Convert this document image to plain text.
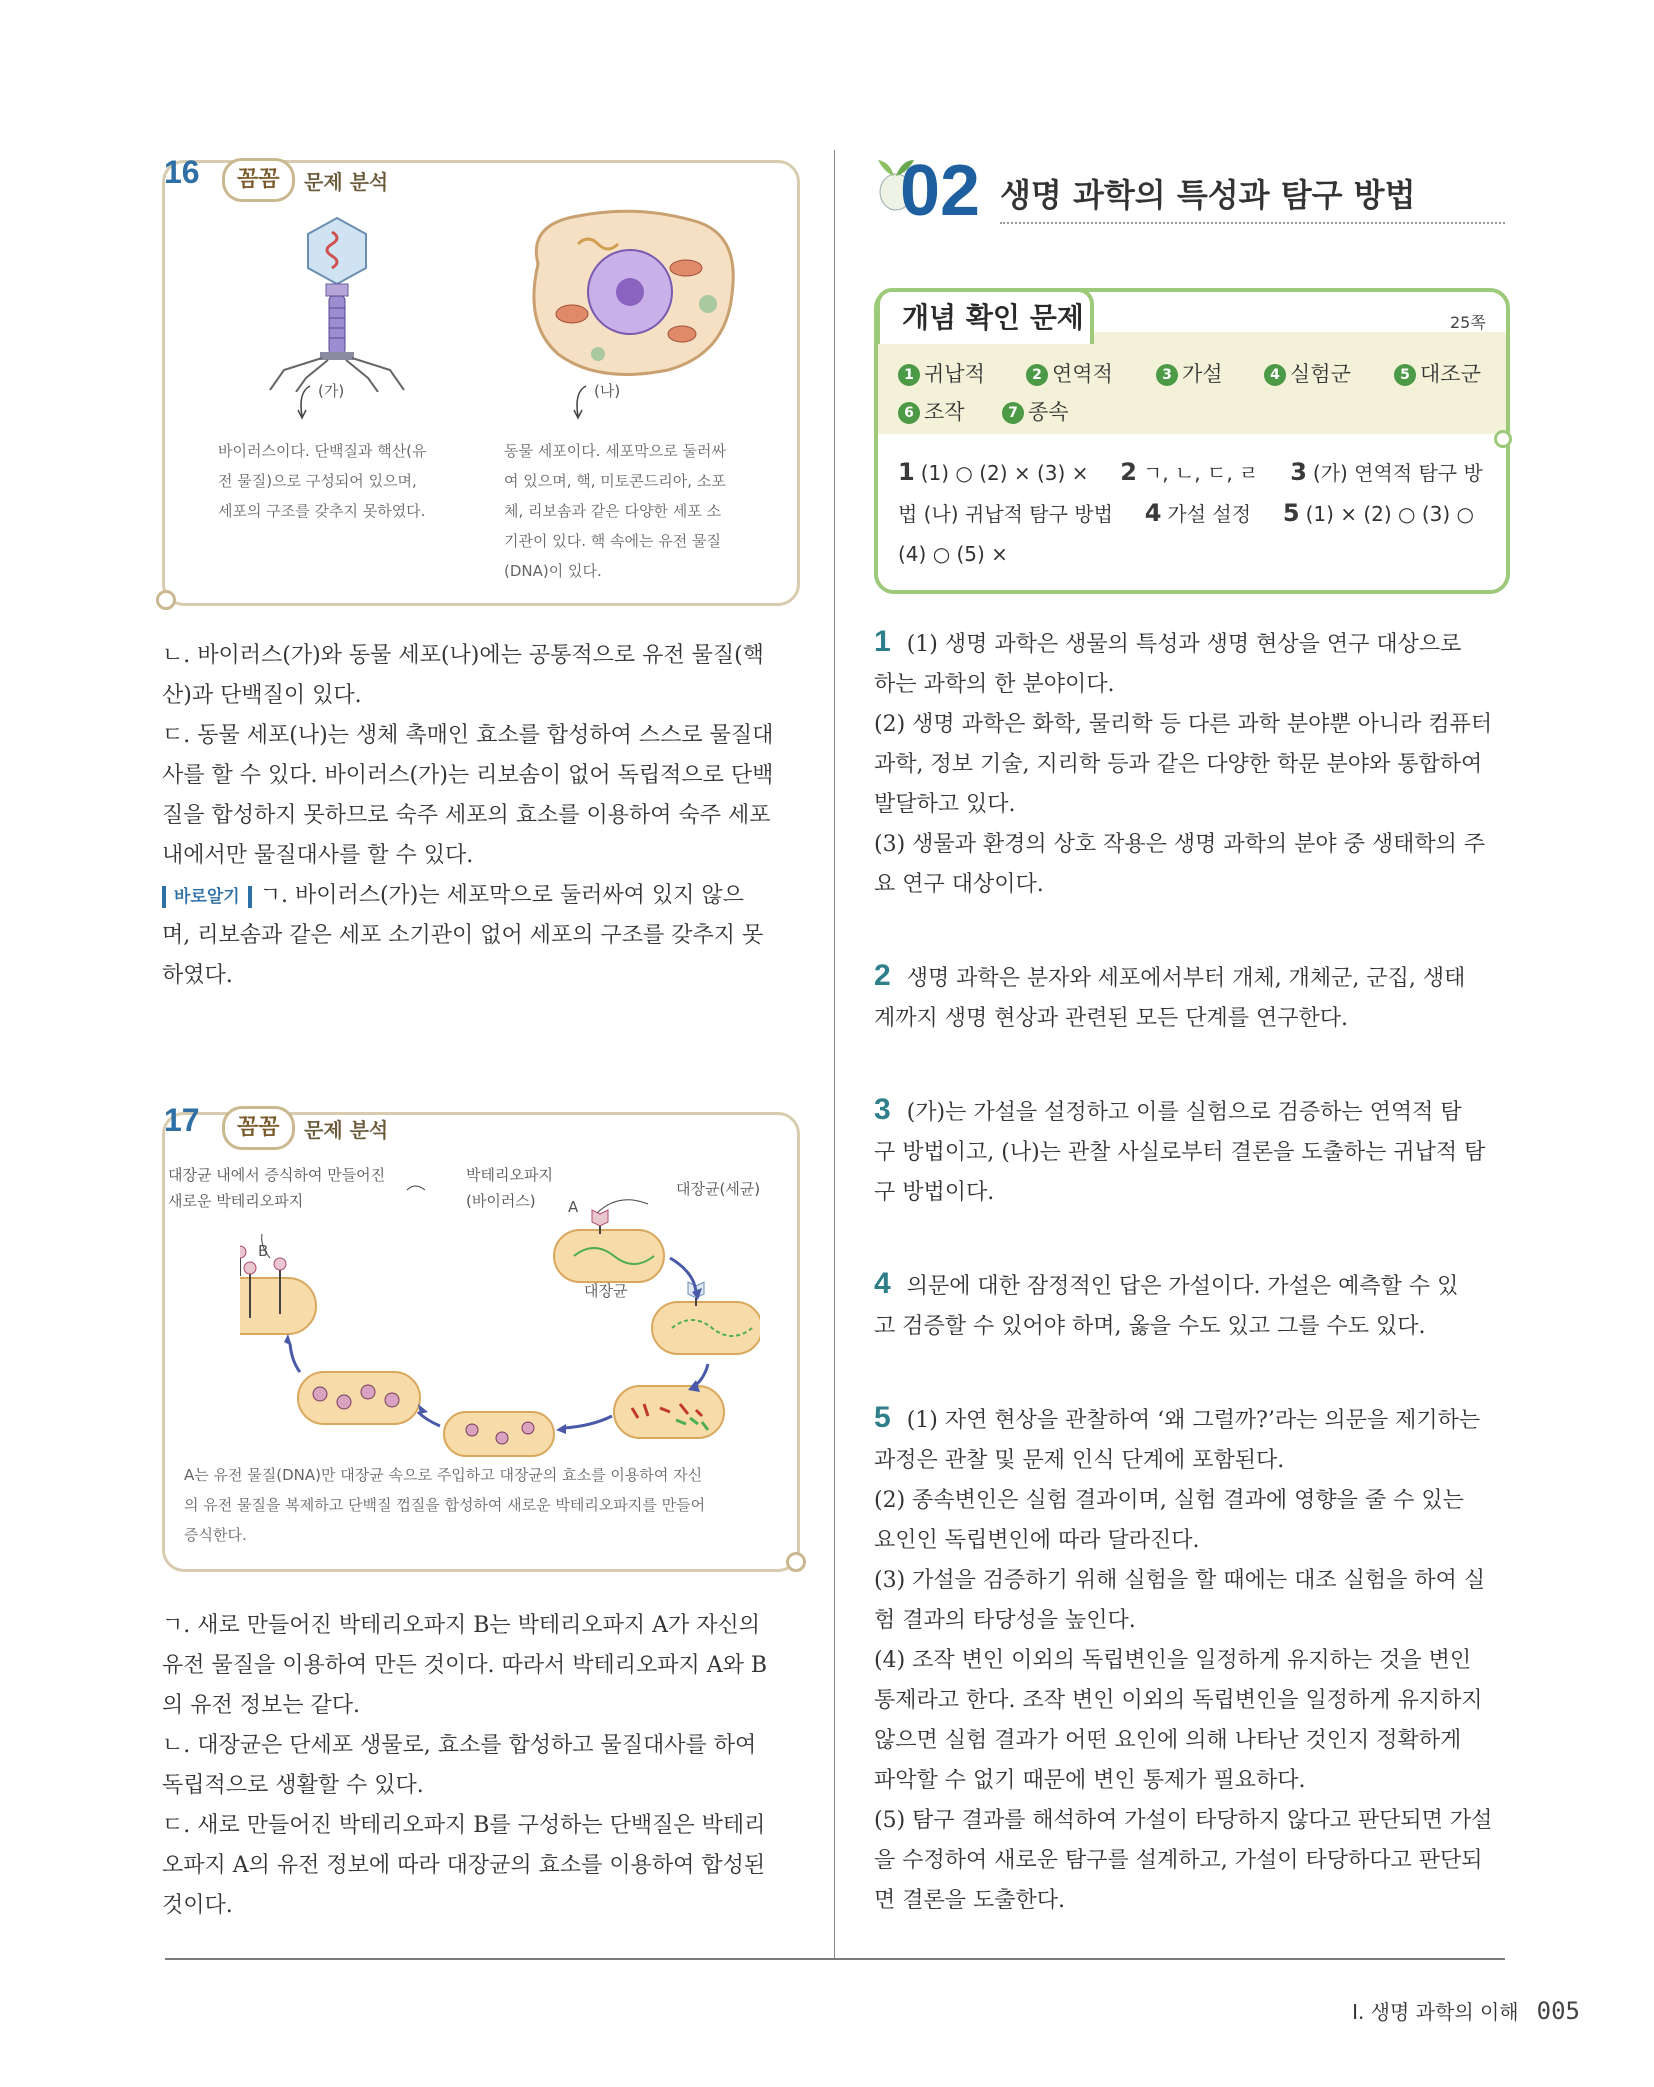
16	꼼꼼	문제 분석
(가)	(나)
바이러스이다. 단백질과 핵산(유
전 물질)으로 구성되어 있으며,
세포의 구조를 갖추지 못하였다.
동물 세포이다. 세포막으로 둘러싸
여 있으며, 핵, 미토콘드리아, 소포
체, 리보솜과 같은 다양한 세포 소
기관이 있다. 핵 속에는 유전 물질
(DNA)이 있다.

ㄴ. 바이러스(가)와 동물 세포(나)에는 공통적으로 유전 물질(핵

산)과 단백질이 있다.

ㄷ. 동물 세포(나)는 생체 촉매인 효소를 합성하여 스스로 물질대

사를 할 수 있다. 바이러스(가)는 리보솜이 없어 독립적으로 단백

질을 합성하지 못하므로 숙주 세포의 효소를 이용하여 숙주 세포

내에서만 물질대사를 할 수 있다.

바로알기 ㄱ. 바이러스(가)는 세포막으로 둘러싸여 있지 않으

며, 리보솜과 같은 세포 소기관이 없어 세포의 구조를 갖추지 못

하였다.

17	꼼꼼	문제 분석
대장균 내에서 증식하여 만들어진
새로운 박테리오파지
박테리오파지
(바이러스)
대장균(세균)
A
B
대장균
A는 유전 물질(DNA)만 대장균 속으로 주입하고 대장균의 효소를 이용하여 자신
의 유전 물질을 복제하고 단백질 껍질을 합성하여 새로운 박테리오파지를 만들어
증식한다.

ㄱ. 새로 만들어진 박테리오파지 B는 박테리오파지 A가 자신의

유전 물질을 이용하여 만든 것이다. 따라서 박테리오파지 A와 B

의 유전 정보는 같다.

ㄴ. 대장균은 단세포 생물로, 효소를 합성하고 물질대사를 하여

독립적으로 생활할 수 있다.

ㄷ. 새로 만들어진 박테리오파지 B를 구성하는 단백질은 박테리

오파지 A의 유전 정보에 따라 대장균의 효소를 이용하여 합성된

것이다.

02 생명 과학의 특성과 탐구 방법
개념 확인 문제	25쪽
1 귀납적	2 연역적	3 가설	4 실험군	5 대조군
6 조작	7 종속
1 (1) ○ (2) × (3) × 2 ㄱ, ㄴ, ㄷ, ㄹ 3 (가) 연역적 탐구 방법 (나) 귀납적 탐구 방법 4 가설 설정 5 (1) × (2) ○ (3) ○ (4) ○ (5) ×

1 (1) 생명 과학은 생물의 특성과 생명 현상을 연구 대상으로

하는 과학의 한 분야이다.

(2) 생명 과학은 화학, 물리학 등 다른 과학 분야뿐 아니라 컴퓨터

과학, 정보 기술, 지리학 등과 같은 다양한 학문 분야와 통합하여

발달하고 있다.

(3) 생물과 환경의 상호 작용은 생명 과학의 분야 중 생태학의 주

요 연구 대상이다.

2 생명 과학은 분자와 세포에서부터 개체, 개체군, 군집, 생태

계까지 생명 현상과 관련된 모든 단계를 연구한다.

3 (가)는 가설을 설정하고 이를 실험으로 검증하는 연역적 탐

구 방법이고, (나)는 관찰 사실로부터 결론을 도출하는 귀납적 탐

구 방법이다.

4 의문에 대한 잠정적인 답은 가설이다. 가설은 예측할 수 있

고 검증할 수 있어야 하며, 옳을 수도 있고 그를 수도 있다.

5 (1) 자연 현상을 관찰하여 ‘왜 그럴까?’라는 의문을 제기하는

과정은 관찰 및 문제 인식 단계에 포함된다.

(2) 종속변인은 실험 결과이며, 실험 결과에 영향을 줄 수 있는

요인인 독립변인에 따라 달라진다.

(3) 가설을 검증하기 위해 실험을 할 때에는 대조 실험을 하여 실

험 결과의 타당성을 높인다.

(4) 조작 변인 이외의 독립변인을 일정하게 유지하는 것을 변인

통제라고 한다. 조작 변인 이외의 독립변인을 일정하게 유지하지

않으면 실험 결과가 어떤 요인에 의해 나타난 것인지 정확하게

파악할 수 없기 때문에 변인 통제가 필요하다.

(5) 탐구 결과를 해석하여 가설이 타당하지 않다고 판단되면 가설

을 수정하여 새로운 탐구를 설계하고, 가설이 타당하다고 판단되

면 결론을 도출한다.

Ⅰ. 생명 과학의 이해 005
